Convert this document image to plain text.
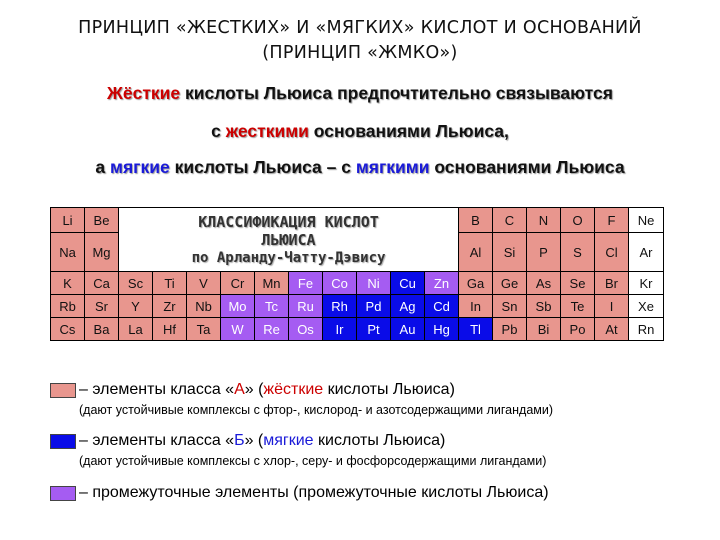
ПРИНЦИП «ЖЕСТКИХ» И «МЯГКИХ» КИСЛОТ И ОСНОВАНИЙ
(ПРИНЦИП «ЖМКО»)
Жёсткие кислоты Льюиса предпочтительно связываются
с жесткими основаниями Льюиса,
а мягкие кислоты Льюиса – с мягкими основаниями Льюиса
Li	Be	КЛАССИФИКАЦИЯ КИСЛОТ
ЛЬЮИСА
по Арланду-Чатту-Дэвису										B	C	N	O	F	Ne
Na	Mg											Al	Si	P	S	Cl	Ar
K	Ca	Sc	Ti	V	Cr	Mn	Fe	Co	Ni	Cu	Zn	Ga	Ge	As	Se	Br	Kr
Rb	Sr	Y	Zr	Nb	Mo	Tc	Ru	Rh	Pd	Ag	Cd	In	Sn	Sb	Te	I	Xe
Cs	Ba	La	Hf	Ta	W	Re	Os	Ir	Pt	Au	Hg	Tl	Pb	Bi	Po	At	Rn
– элементы класса «А» (жёсткие кислоты Льюиса)
(дают устойчивые комплексы с фтор-, кислород- и азотсодержащими лигандами)
– элементы класса «Б» (мягкие кислоты Льюиса)
(дают устойчивые комплексы с хлор-, серу- и фосфорсодержащими лигандами)
– промежуточные элементы (промежуточные кислоты Льюиса)
